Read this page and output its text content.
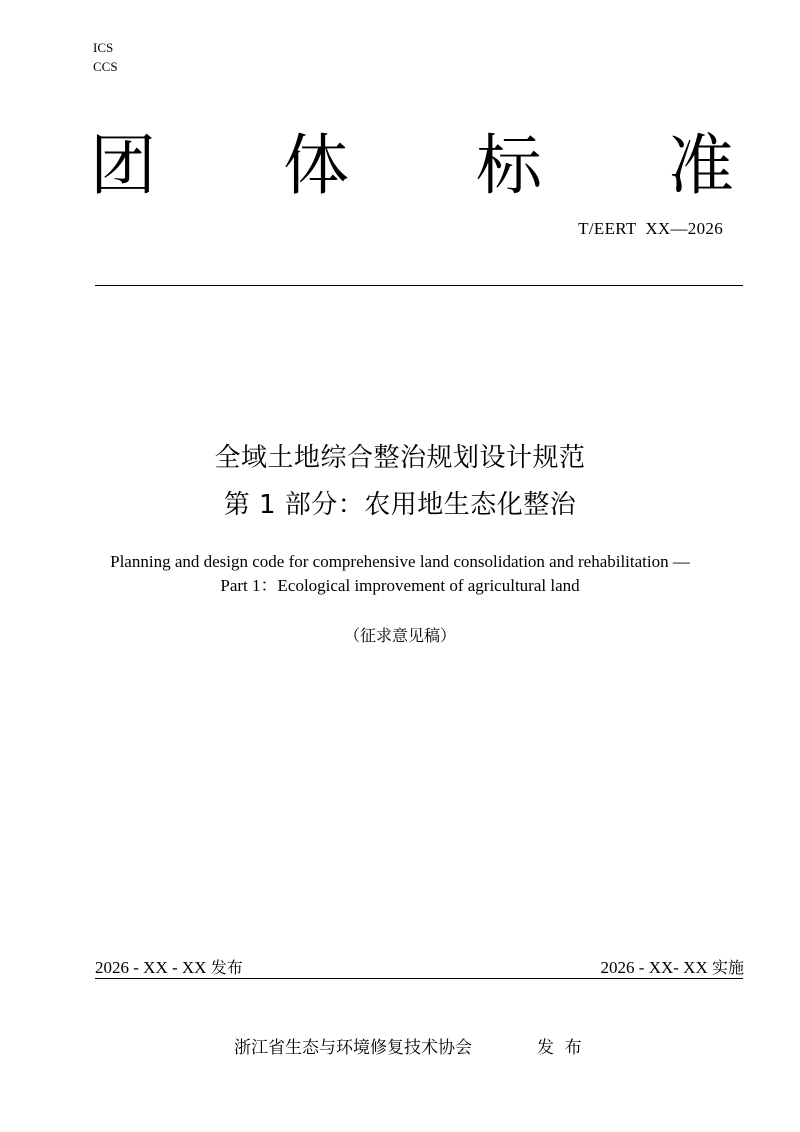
ICS
CCS
团 体 标 准
T/EERT  XX—2026
全域土地综合整治规划设计规范
第 1 部分：农用地生态化整治
Planning and design code for comprehensive land consolidation and rehabilitation —
Part 1：Ecological improvement of agricultural land
（征求意见稿）
2026 - XX - XX 发布	2026 - XX- XX 实施
浙江省生态与环境修复技术协会	发  布
